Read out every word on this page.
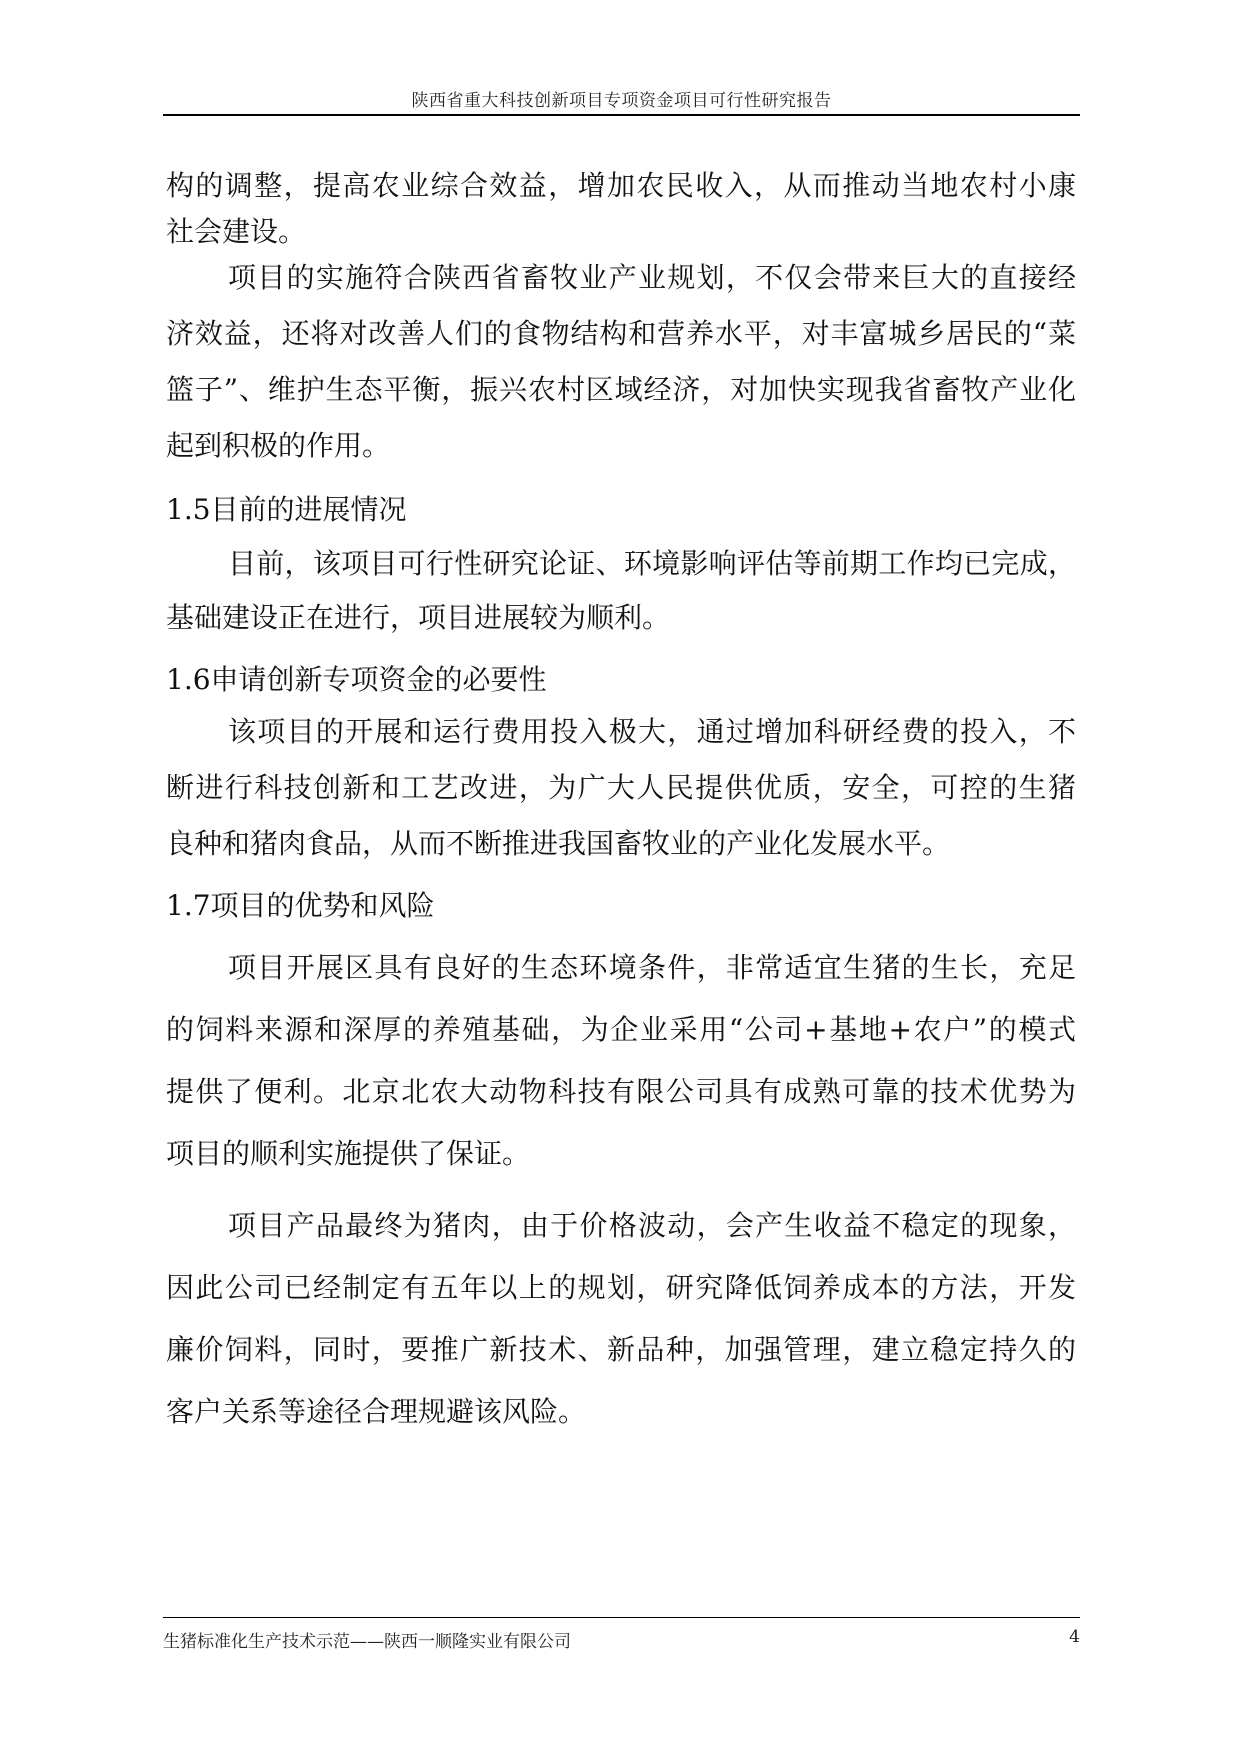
陕西省重大科技创新项目专项资金项目可行性研究报告
构的调整，提高农业综合效益，增加农民收入，从而推动当地农村小康
社会建设。
项目的实施符合陕西省畜牧业产业规划，不仅会带来巨大的直接经
济效益，还将对改善人们的食物结构和营养水平，对丰富城乡居民的“菜
篮子”、维护生态平衡，振兴农村区域经济，对加快实现我省畜牧产业化
起到积极的作用。
1.5目前的进展情况
目前，该项目可行性研究论证、环境影响评估等前期工作均已完成，
基础建设正在进行，项目进展较为顺利。
1.6申请创新专项资金的必要性
该项目的开展和运行费用投入极大，通过增加科研经费的投入，不
断进行科技创新和工艺改进，为广大人民提供优质，安全，可控的生猪
良种和猪肉食品，从而不断推进我国畜牧业的产业化发展水平。
1.7项目的优势和风险
项目开展区具有良好的生态环境条件，非常适宜生猪的生长，充足
的饲料来源和深厚的养殖基础，为企业采用“公司+基地+农户”的模式
提供了便利。北京北农大动物科技有限公司具有成熟可靠的技术优势为
项目的顺利实施提供了保证。
项目产品最终为猪肉，由于价格波动，会产生收益不稳定的现象，
因此公司已经制定有五年以上的规划，研究降低饲养成本的方法，开发
廉价饲料，同时，要推广新技术、新品种，加强管理，建立稳定持久的
客户关系等途径合理规避该风险。
生猪标准化生产技术示范——陕西一顺隆实业有限公司	4
